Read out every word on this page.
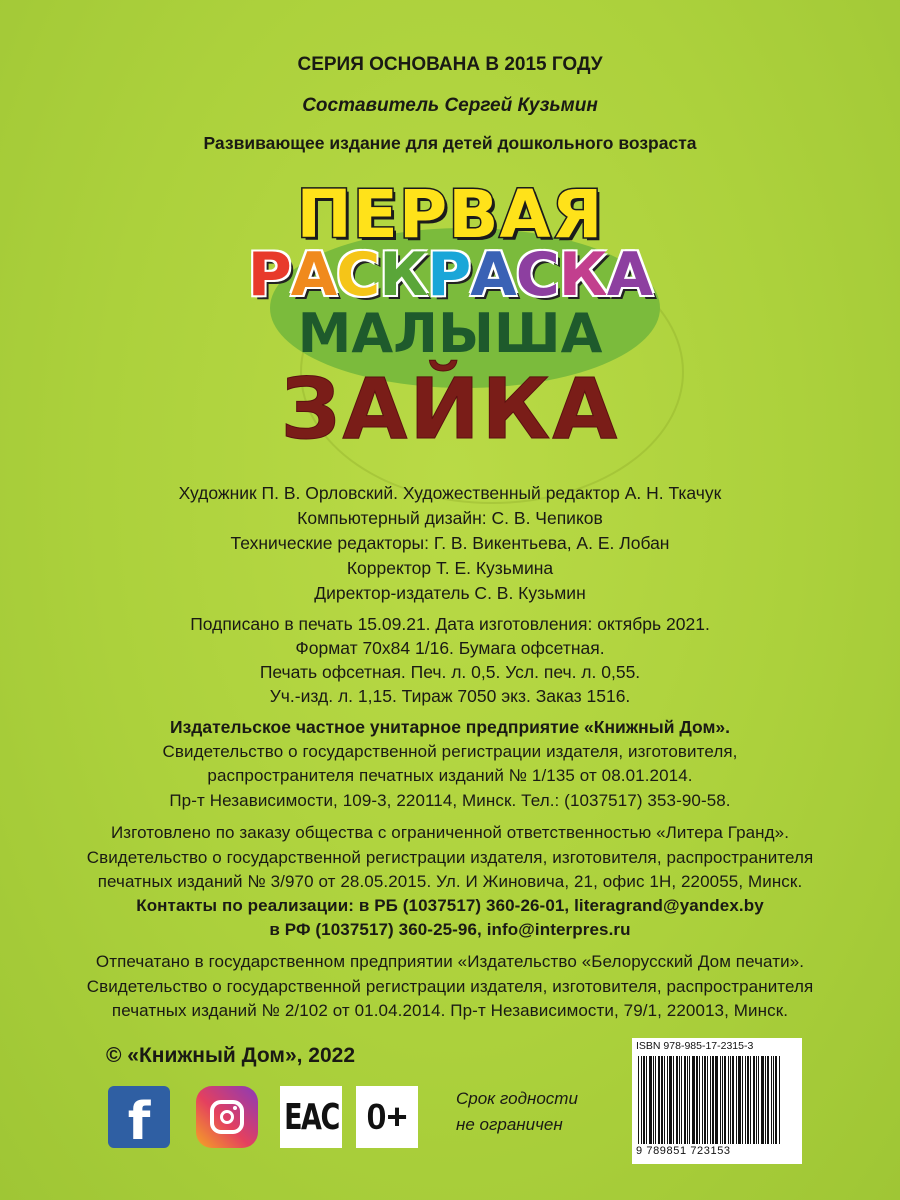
СЕРИЯ ОСНОВАНА В 2015 ГОДУ
Составитель Сергей Кузьмин
Развивающее издание для детей дошкольного возраста
ПЕРВАЯ
РАСКРАСКА
МАЛЫША
ЗАЙКА
Художник П. В. Орловский. Художественный редактор А. Н. Ткачук
Компьютерный дизайн: С. В. Чепиков
Технические редакторы: Г. В. Викентьева, А. Е. Лобан
Корректор Т. Е. Кузьмина
Директор-издатель С. В. Кузьмин
Подписано в печать 15.09.21. Дата изготовления: октябрь 2021.
Формат 70х84 1/16. Бумага офсетная.
Печать офсетная. Печ. л. 0,5. Усл. печ. л. 0,55.
Уч.-изд. л. 1,15. Тираж 7050 экз. Заказ 1516.
Издательское частное унитарное предприятие «Книжный Дом».
Свидетельство о государственной регистрации издателя, изготовителя,
распространителя печатных изданий № 1/135 от 08.01.2014.
Пр-т Независимости, 109-3, 220114, Минск. Тел.: (1037517) 353-90-58.
Изготовлено по заказу общества с ограниченной ответственностью «Литера Гранд».
Свидетельство о государственной регистрации издателя, изготовителя, распространителя
печатных изданий № 3/970 от 28.05.2015. Ул. И Жиновича, 21, офис 1Н, 220055, Минск.
Контакты по реализации: в РБ (1037517) 360-26-01, literagrand@yandex.by
в РФ (1037517) 360-25-96, info@interpres.ru
Отпечатано в государственном предприятии «Издательство «Белорусский Дом печати».
Свидетельство о государственной регистрации издателя, изготовителя, распространителя
печатных изданий № 2/102 от 01.04.2014. Пр-т Независимости, 79/1, 220013, Минск.
© «Книжный Дом», 2022
f	ЕАС 0+	Срок годности
не ограничен
ISBN 978-985-17-2315-3
9 789851 723153
